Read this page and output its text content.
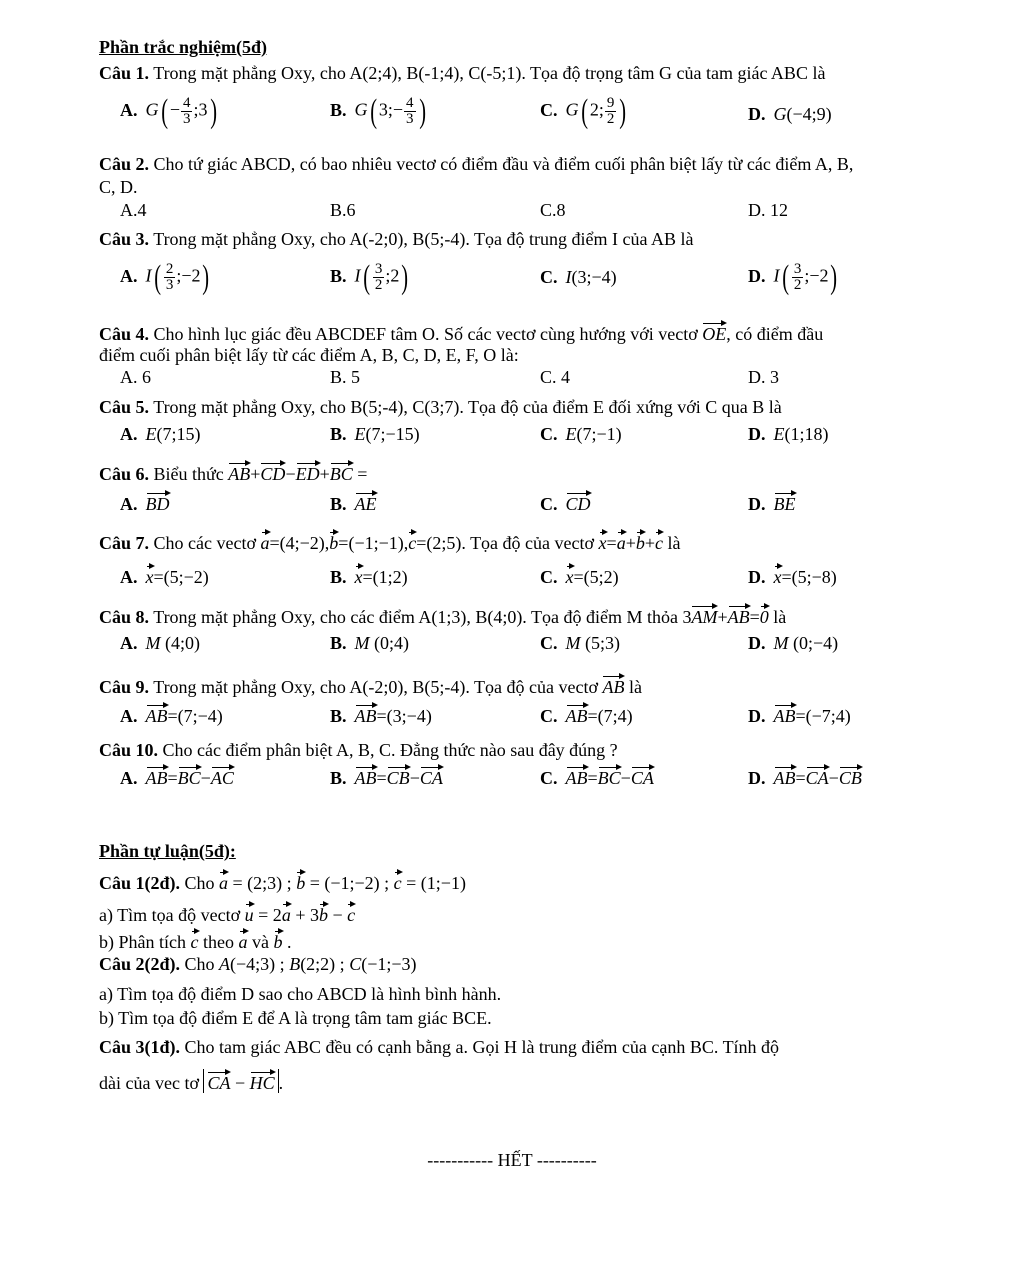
Phần trắc nghiệm(5đ)
Câu 1. Trong mặt phẳng Oxy, cho A(2;4), B(-1;4), C(-5;1). Tọa độ trọng tâm G của tam giác ABC là
A. $G( - \frac{4}{3}$ ;3)	B. G( 3;− $\frac{4}{3}$ )	C. G( 2; $\frac{9}{2}$ )	D. G(−4;9)
Câu 2. Cho tứ giác ABCD, có bao nhiêu vectơ có điểm đầu và điểm cuối phân biệt lấy từ các điểm A, B,
C, D.
A.4	B.6	C.8	D. 12
Câu 3. Trong mặt phẳng Oxy, cho A(-2;0), B(5;-4). Tọa độ trung điểm I của AB là
A. $I( \frac{2}{3}$ ;−2)	B. $I( \frac{3}{2}$ ;2)	C. I(3;−4)	D. $I( \frac{3}{2}$ ;−2)
Câu 4. Cho hình lục giác đều ABCDEF tâm O. Số các vectơ cùng hướng với vectơ OE, có điểm đầu
điểm cuối phân biệt lấy từ các điểm A, B, C, D, E, F, O là:
A. 6	B. 5	C. 4	D. 3
Câu 5. Trong mặt phẳng Oxy, cho B(5;-4), C(3;7). Tọa độ của điểm E đối xứng với C qua B là
A. E(7;15)	B. E(7;−15)	C. E(7;−1)	D. E(1;18)
Câu 6. Biểu thức AB+CD−ED+BC =
A. BD	B. AE	C. CD	D. BE
Câu 7. Cho các vectơ a=(4;−2),b=(−1;−1),c=(2;5). Tọa độ của vectơ x=a+b+c là
A. x=(5;−2)	B. x=(1;2)	C. x=(5;2)	D. x=(5;−8)
Câu 8. Trong mặt phẳng Oxy, cho các điểm A(1;3), B(4;0). Tọa độ điểm M thỏa 3AM+AB=0 là
A. M (4;0)	B. M (0;4)	C. M (5;3)	D. M (0;−4)
Câu 9. Trong mặt phẳng Oxy, cho A(-2;0), B(5;-4). Tọa độ của vectơ AB là
A. AB=(7;−4)	B. AB=(3;−4)	C. AB=(7;4)	D. AB=(−7;4)
Câu 10. Cho các điểm phân biệt A, B, C. Đẳng thức nào sau đây đúng ?
A. AB=BC−AC	B. AB=CB−CA	C. AB=BC−CA	D. AB=CA−CB
Phần tự luận(5đ):
Câu 1(2đ). Cho a = (2;3) ; b = (−1;−2) ; c = (1;−1)
a) Tìm tọa độ vectơ u = 2a + 3b − c
b) Phân tích c theo a và b .
Câu 2(2đ). Cho A(−4;3) ; B(2;2) ; C(−1;−3)
a) Tìm tọa độ điểm D sao cho ABCD là hình bình hành.
b) Tìm tọa độ điểm E để A là trọng tâm tam giác BCE.
Câu 3(1đ). Cho tam giác ABC đều có cạnh bằng a. Gọi H là trung điểm của cạnh BC. Tính độ
dài của vec tơ CA − HC .
----------- HẾT ----------
